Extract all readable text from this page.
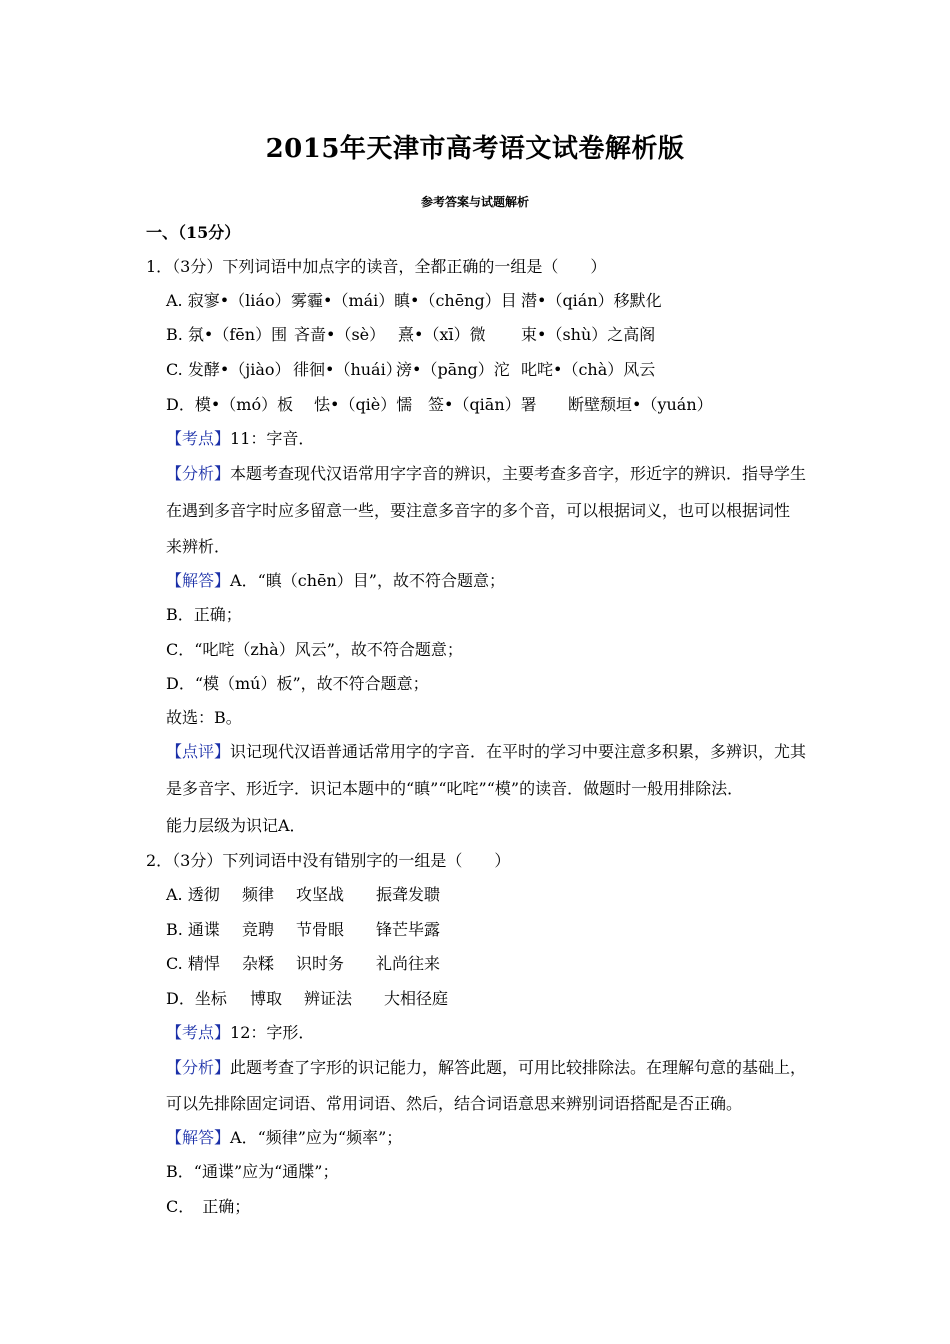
2015年天津市高考语文试卷解析版
参考答案与试题解析
一、（15分）
1．（3分）下列词语中加点字的读音，全都正确的一组是（　　）
A. 寂寥•（liáo） 雾霾•（mái） 瞋•（chēng）目 潜•（qián）移默化
B. 氛•（fēn）围 吝啬•（sè） 熹•（xī）微 束•（shù）之高阁
C. 发酵•（jiào） 徘徊•（huái）
滂•（pāng）沱 叱咤•（chà）风云
D．模•（mó）板 怯•（qiè）懦 签•（qiān）署 断壁颓垣•（yuán）
【考点】11：字音．
【分析】本题考查现代汉语常用字字音的辨识，主要考查多音字，形近字的辨识．指导学生
在遇到多音字时应多留意一些，要注意多音字的多个音，可以根据词义，也可以根据词性
来辨析．
【解答】A．“瞋（chēn）目”，故不符合题意；
B．正确；
C．“叱咤（zhà）风云”，故不符合题意；
D．“模（mú）板”，故不符合题意；
故选：B。
【点评】识记现代汉语普通话常用字的字音．在平时的学习中要注意多积累，多辨识，尤其
是多音字、形近字．识记本题中的“瞋”“叱咤”“模”的读音．做题时一般用排除法．
能力层级为识记A．
2．（3分）下列词语中没有错别字的一组是（　　）
A. 透彻 频律 攻坚战 振聋发聩
B. 通谍 竞聘 节骨眼 锋芒毕露
C. 精悍 杂糅 识时务 礼尚往来
D．坐标 博取 辨证法 大相径庭
【考点】12：字形．
【分析】此题考查了字形的识记能力，解答此题，可用比较排除法。在理解句意的基础上，
可以先排除固定词语、常用词语、然后，结合词语意思来辨别词语搭配是否正确。
【解答】A．“频律”应为“频率”；
B．“通谍”应为“通牒”；
C．　正确；
